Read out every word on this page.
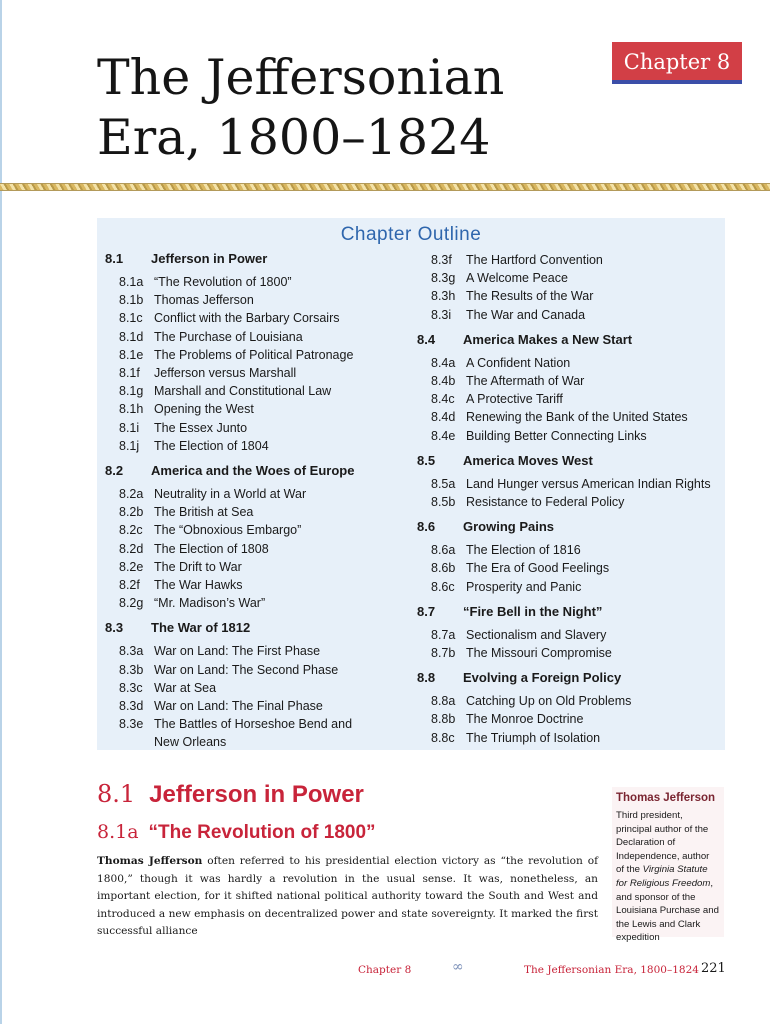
The Jeffersonian
Era, 1800–1824
Chapter 8
Chapter Outline
8.1	Jefferson in Power
8.1a “The Revolution of 1800”
8.1b Thomas Jefferson
8.1c Conflict with the Barbary Corsairs
8.1d The Purchase of Louisiana
8.1e The Problems of Political Patronage
8.1f	Jefferson versus Marshall
8.1g Marshall and Constitutional Law
8.1h Opening the West
8.1i	The Essex Junto
8.1j	The Election of 1804
8.2	America and the Woes of Europe
8.2a Neutrality in a World at War
8.2b The British at Sea
8.2c The “Obnoxious Embargo”
8.2d The Election of 1808
8.2e The Drift to War
8.2f	The War Hawks
8.2g “Mr. Madison’s War”
8.3	The War of 1812
8.3a War on Land: The First Phase
8.3b War on Land: The Second Phase
8.3c War at Sea
8.3d War on Land: The Final Phase
8.3e The Battles of Horseshoe Bend and
New Orleans
8.3f	The Hartford Convention
8.3g A Welcome Peace
8.3h The Results of the War
8.3i	The War and Canada
8.4	America Makes a New Start
8.4a A Confident Nation
8.4b The Aftermath of War
8.4c A Protective Tariff
8.4d Renewing the Bank of the United States
8.4e Building Better Connecting Links
8.5	America Moves West
8.5a Land Hunger versus American Indian Rights
8.5b Resistance to Federal Policy
8.6	Growing Pains
8.6a The Election of 1816
8.6b The Era of Good Feelings
8.6c Prosperity and Panic
8.7	“Fire Bell in the Night”
8.7a Sectionalism and Slavery
8.7b The Missouri Compromise
8.8	Evolving a Foreign Policy
8.8a Catching Up on Old Problems
8.8b The Monroe Doctrine
8.8c The Triumph of Isolation
8.1 Jefferson in Power
8.1a “The Revolution of 1800”

Thomas Jefferson often referred to his presidential election victory as “the revolution of 1800,” though it was hardly a revolution in the usual sense. It was, nonetheless, an important election, for it shifted national political authority toward the South and West and introduced a new emphasis on decentralized power and state sovereignty. It marked the first successful alliance

Thomas Jefferson
Third president, principal author of the Declaration of Independence, author of the Virginia Statute for Religious Freedom, and sponsor of the Louisiana Purchase and the Lewis and Clark expedition
Chapter 8	∞	The Jeffersonian Era, 1800–1824 221
